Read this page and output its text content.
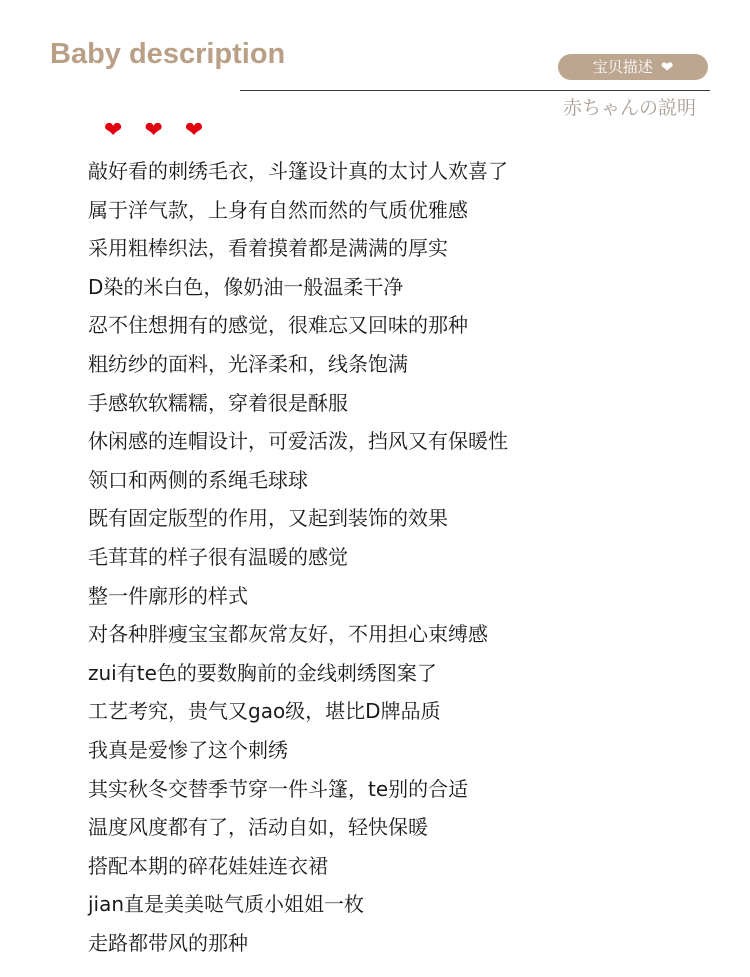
Baby description	宝贝描述 ❤
赤ちゃんの説明
❤ ❤ ❤
敲好看的刺绣毛衣，斗篷设计真的太讨人欢喜了
属于洋气款，上身有自然而然的气质优雅感
采用粗棒织法，看着摸着都是满满的厚实
D染的米白色，像奶油一般温柔干净
忍不住想拥有的感觉，很难忘又回味的那种
粗纺纱的面料，光泽柔和，线条饱满
手感软软糯糯，穿着很是酥服
休闲感的连帽设计，可爱活泼，挡风又有保暖性
领口和两侧的系绳毛球球
既有固定版型的作用，又起到装饰的效果
毛茸茸的样子很有温暖的感觉
整一件廓形的样式
对各种胖瘦宝宝都灰常友好，不用担心束缚感
zui有te色的要数胸前的金线刺绣图案了
工艺考究，贵气又gao级，堪比D牌品质
我真是爱惨了这个刺绣
其实秋冬交替季节穿一件斗篷，te别的合适
温度风度都有了，活动自如，轻快保暖
搭配本期的碎花娃娃连衣裙
jian直是美美哒气质小姐姐一枚
走路都带风的那种
